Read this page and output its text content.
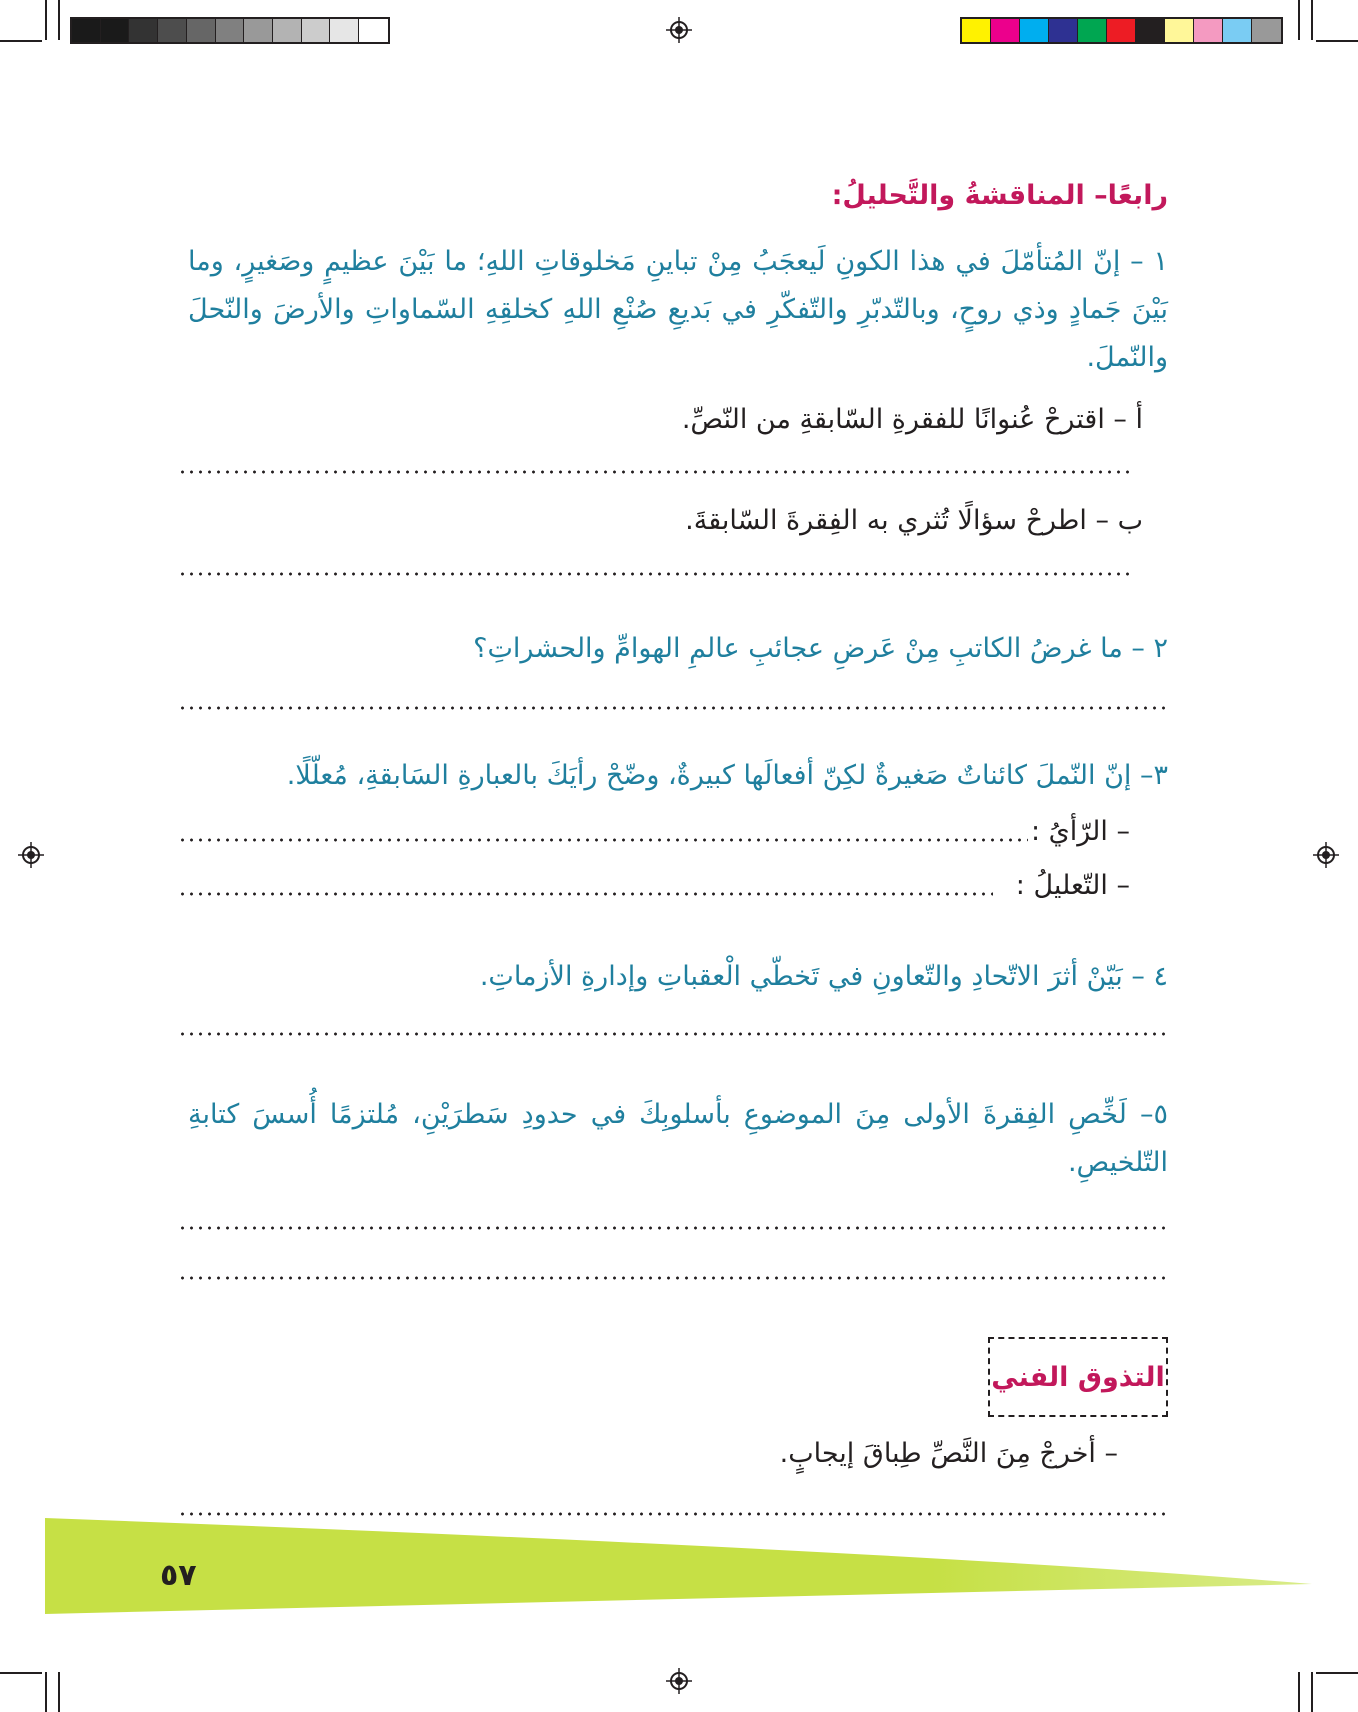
رابعًا– المناقشةُ والتَّحليلُ:
١ – إنّ المُتأمّلَ في هذا الكونِ لَيعجَبُ مِنْ تباينِ مَخلوقاتِ اللهِ؛ ما بَيْنَ عظيمٍ وصَغيرٍ، وما بَيْنَ جَمادٍ وذي روحٍ، وبالتّدبّرِ والتّفكّرِ في بَديعِ صُنْعِ اللهِ كخلقِهِ السّماواتِ والأرضَ والنّحلَ والنّملَ.
أ – اقترحْ عُنوانًا للفقرةِ السّابقةِ من النّصِّ.
ب – اطرحْ سؤالًا تُثري به الفِقرةَ السّابقةَ.
٢ – ما غرضُ الكاتبِ مِنْ عَرضِ عجائبِ عالمِ الهوامِّ والحشراتِ؟
٣– إنّ النّملَ كائناتٌ صَغيرةٌ لكِنّ أفعالَها كبيرةٌ، وضّحْ رأيَكَ بالعبارةِ السَابقةِ، مُعلّلًا.
– الرّأيُ :
– التّعليلُ :
٤ – بَيّنْ أثرَ الاتّحادِ والتّعاونِ في تَخطّي الْعقباتِ وإدارةِ الأزماتِ.
٥– لَخِّصِ الفِقرةَ الأولى مِنَ الموضوعِ بأسلوبِكَ في حدودِ سَطرَيْنِ، مُلتزمًا أُسسَ كتابةِ التّلخيصِ.
التذوق الفني
– أخرجْ مِنَ النَّصِّ طِباقَ إيجابٍ.
٥٧
